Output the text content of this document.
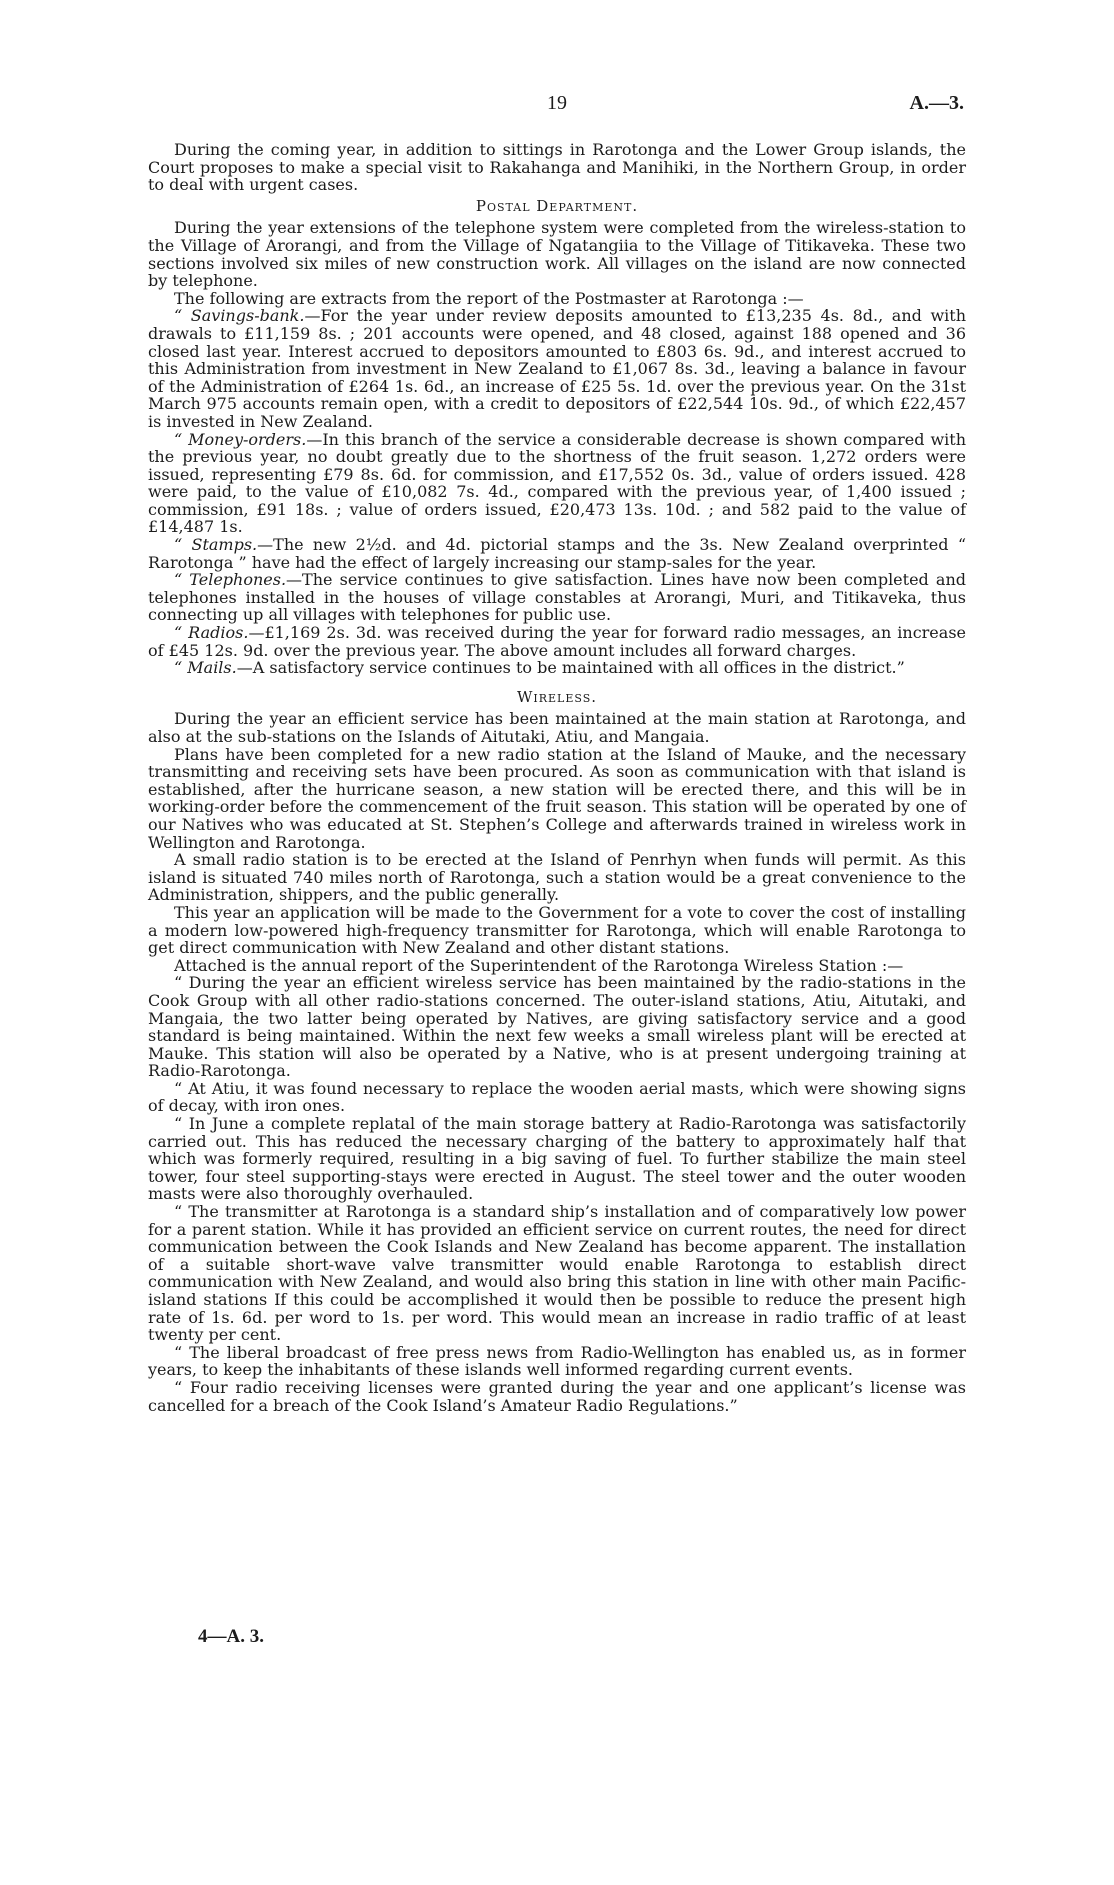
19	A.—3.

During the coming year, in addition to sittings in Rarotonga and the Lower Group islands, the Court proposes to make a special visit to Rakahanga and Manihiki, in the Northern Group, in order to deal with urgent cases.

Postal Department.

During the year extensions of the telephone system were completed from the wireless-station to the Village of Arorangi, and from the Village of Ngatangiia to the Village of Titikaveka. These two sections involved six miles of new construction work. All villages on the island are now connected by telephone.

The following are extracts from the report of the Postmaster at Rarotonga :—

“ Savings-bank.—For the year under review deposits amounted to £13,235 4s. 8d., and with drawals to £11,159 8s. ; 201 accounts were opened, and 48 closed, against 188 opened and 36 closed last year. Interest accrued to depositors amounted to £803 6s. 9d., and interest accrued to this Administration from investment in New Zealand to £1,067 8s. 3d., leaving a balance in favour of the Administration of £264 1s. 6d., an increase of £25 5s. 1d. over the previous year. On the 31st March 975 accounts remain open, with a credit to depositors of £22,544 10s. 9d., of which £22,457 is invested in New Zealand.

“ Money-orders.—In this branch of the service a considerable decrease is shown compared with the previous year, no doubt greatly due to the shortness of the fruit season. 1,272 orders were issued, representing £79 8s. 6d. for commission, and £17,552 0s. 3d., value of orders issued. 428 were paid, to the value of £10,082 7s. 4d., compared with the previous year, of 1,400 issued ; commission, £91 18s. ; value of orders issued, £20,473 13s. 10d. ; and 582 paid to the value of £14,487 1s.

“ Stamps.—The new 2½d. and 4d. pictorial stamps and the 3s. New Zealand overprinted “ Rarotonga ” have had the effect of largely increasing our stamp-sales for the year.

“ Telephones.—The service continues to give satisfaction. Lines have now been completed and telephones installed in the houses of village constables at Arorangi, Muri, and Titikaveka, thus connecting up all villages with telephones for public use.

“ Radios.—£1,169 2s. 3d. was received during the year for forward radio messages, an increase of £45 12s. 9d. over the previous year. The above amount includes all forward charges.

“ Mails.—A satisfactory service continues to be maintained with all offices in the district.”

Wireless.

During the year an efficient service has been maintained at the main station at Rarotonga, and also at the sub-stations on the Islands of Aitutaki, Atiu, and Mangaia.

Plans have been completed for a new radio station at the Island of Mauke, and the necessary transmitting and receiving sets have been procured. As soon as communication with that island is established, after the hurricane season, a new station will be erected there, and this will be in working-order before the commencement of the fruit season. This station will be operated by one of our Natives who was educated at St. Stephen’s College and afterwards trained in wireless work in Wellington and Rarotonga.

A small radio station is to be erected at the Island of Penrhyn when funds will permit. As this island is situated 740 miles north of Rarotonga, such a station would be a great convenience to the Administration, shippers, and the public generally.

This year an application will be made to the Government for a vote to cover the cost of installing a modern low-powered high-frequency transmitter for Rarotonga, which will enable Rarotonga to get direct communication with New Zealand and other distant stations.

Attached is the annual report of the Superintendent of the Rarotonga Wireless Station :—

“ During the year an efficient wireless service has been maintained by the radio-stations in the Cook Group with all other radio-stations concerned. The outer-island stations, Atiu, Aitutaki, and Mangaia, the two latter being operated by Natives, are giving satisfactory service and a good standard is being maintained. Within the next few weeks a small wireless plant will be erected at Mauke. This station will also be operated by a Native, who is at present undergoing training at Radio-Rarotonga.

“ At Atiu, it was found necessary to replace the wooden aerial masts, which were showing signs of decay, with iron ones.

“ In June a complete replatal of the main storage battery at Radio-Rarotonga was satisfactorily carried out. This has reduced the necessary charging of the battery to approximately half that which was formerly required, resulting in a big saving of fuel. To further stabilize the main steel tower, four steel supporting-stays were erected in August. The steel tower and the outer wooden masts were also thoroughly overhauled.

“ The transmitter at Rarotonga is a standard ship’s installation and of comparatively low power for a parent station. While it has provided an efficient service on current routes, the need for direct communication between the Cook Islands and New Zealand has become apparent. The installation of a suitable short-wave valve transmitter would enable Rarotonga to establish direct communication with New Zealand, and would also bring this station in line with other main Pacific-island stations If this could be accomplished it would then be possible to reduce the present high rate of 1s. 6d. per word to 1s. per word. This would mean an increase in radio traffic of at least twenty per cent.

“ The liberal broadcast of free press news from Radio-Wellington has enabled us, as in former years, to keep the inhabitants of these islands well informed regarding current events.

“ Four radio receiving licenses were granted during the year and one applicant’s license was cancelled for a breach of the Cook Island’s Amateur Radio Regulations.”

4—A. 3.
